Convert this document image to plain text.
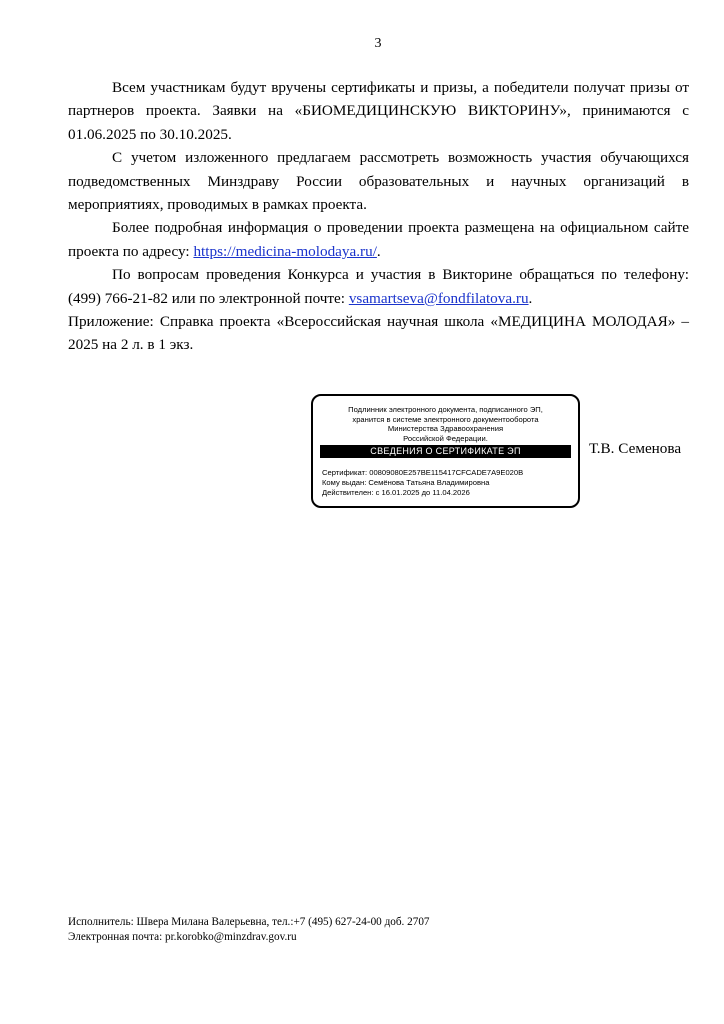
3

Всем участникам будут вручены сертификаты и призы, а победители получат призы от партнеров проекта. Заявки на «БИОМЕДИЦИНСКУЮ ВИКТОРИНУ», принимаются с 01.06.2025 по 30.10.2025.

С учетом изложенного предлагаем рассмотреть возможность участия обучающихся подведомственных Минздраву России образовательных и научных организаций в мероприятиях, проводимых в рамках проекта.

Более подробная информация о проведении проекта размещена на официальном сайте проекта по адресу: https://medicina-molodaya.ru/.

По вопросам проведения Конкурса и участия в Викторине обращаться по телефону: (499) 766-21-82 или по электронной почте: vsamartseva@fondfilatova.ru.

Приложение: Справка проекта «Всероссийская научная школа «МЕДИЦИНА МОЛОДАЯ» – 2025 на 2 л. в 1 экз.

Подлинник электронного документа, подписанного ЭП,
хранится в системе электронного документооборота
Министерства Здравоохранения
Российской Федерации.
СВЕДЕНИЯ О СЕРТИФИКАТЕ ЭП
Сертификат: 00809080E257BE115417CFCADE7A9E020B
Кому выдан: Семёнова Татьяна Владимировна
Действителен: с 16.01.2025 до 11.04.2026
Т.В. Семенова
Исполнитель: Швера Милана Валерьевна, тел.:+7 (495) 627-24-00 доб. 2707
Электронная почта: pr.korobko@minzdrav.gov.ru
